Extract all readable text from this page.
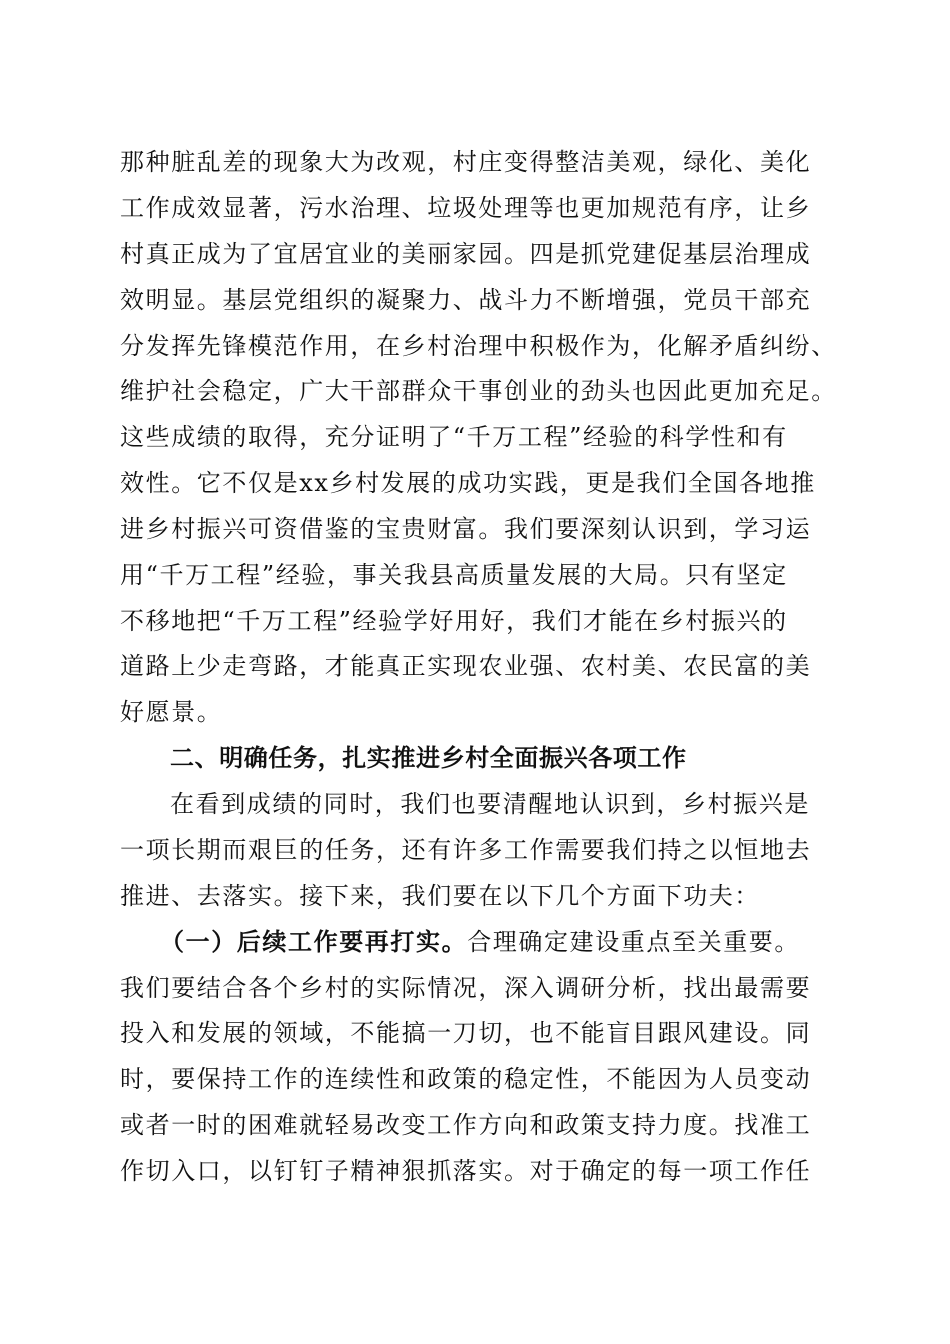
那种脏乱差的现象大为改观，村庄变得整洁美观，绿化、美化
工作成效显著，污水治理、垃圾处理等也更加规范有序，让乡
村真正成为了宜居宜业的美丽家园。四是抓党建促基层治理成
效明显。基层党组织的凝聚力、战斗力不断增强，党员干部充
分发挥先锋模范作用，在乡村治理中积极作为，化解矛盾纠纷、
维护社会稳定，广大干部群众干事创业的劲头也因此更加充足。
这些成绩的取得，充分证明了“千万工程”经验的科学性和有
效性。它不仅是xx乡村发展的成功实践，更是我们全国各地推
进乡村振兴可资借鉴的宝贵财富。我们要深刻认识到，学习运
用“千万工程”经验，事关我县高质量发展的大局。只有坚定
不移地把“千万工程”经验学好用好，我们才能在乡村振兴的
道路上少走弯路，才能真正实现农业强、农村美、农民富的美
好愿景。
二、明确任务，扎实推进乡村全面振兴各项工作
在看到成绩的同时，我们也要清醒地认识到，乡村振兴是
一项长期而艰巨的任务，还有许多工作需要我们持之以恒地去
推进、去落实。接下来，我们要在以下几个方面下功夫：
（一）后续工作要再打实。合理确定建设重点至关重要。
我们要结合各个乡村的实际情况，深入调研分析，找出最需要
投入和发展的领域，不能搞一刀切，也不能盲目跟风建设。同
时，要保持工作的连续性和政策的稳定性，不能因为人员变动
或者一时的困难就轻易改变工作方向和政策支持力度。找准工
作切入口，以钉钉子精神狠抓落实。对于确定的每一项工作任
